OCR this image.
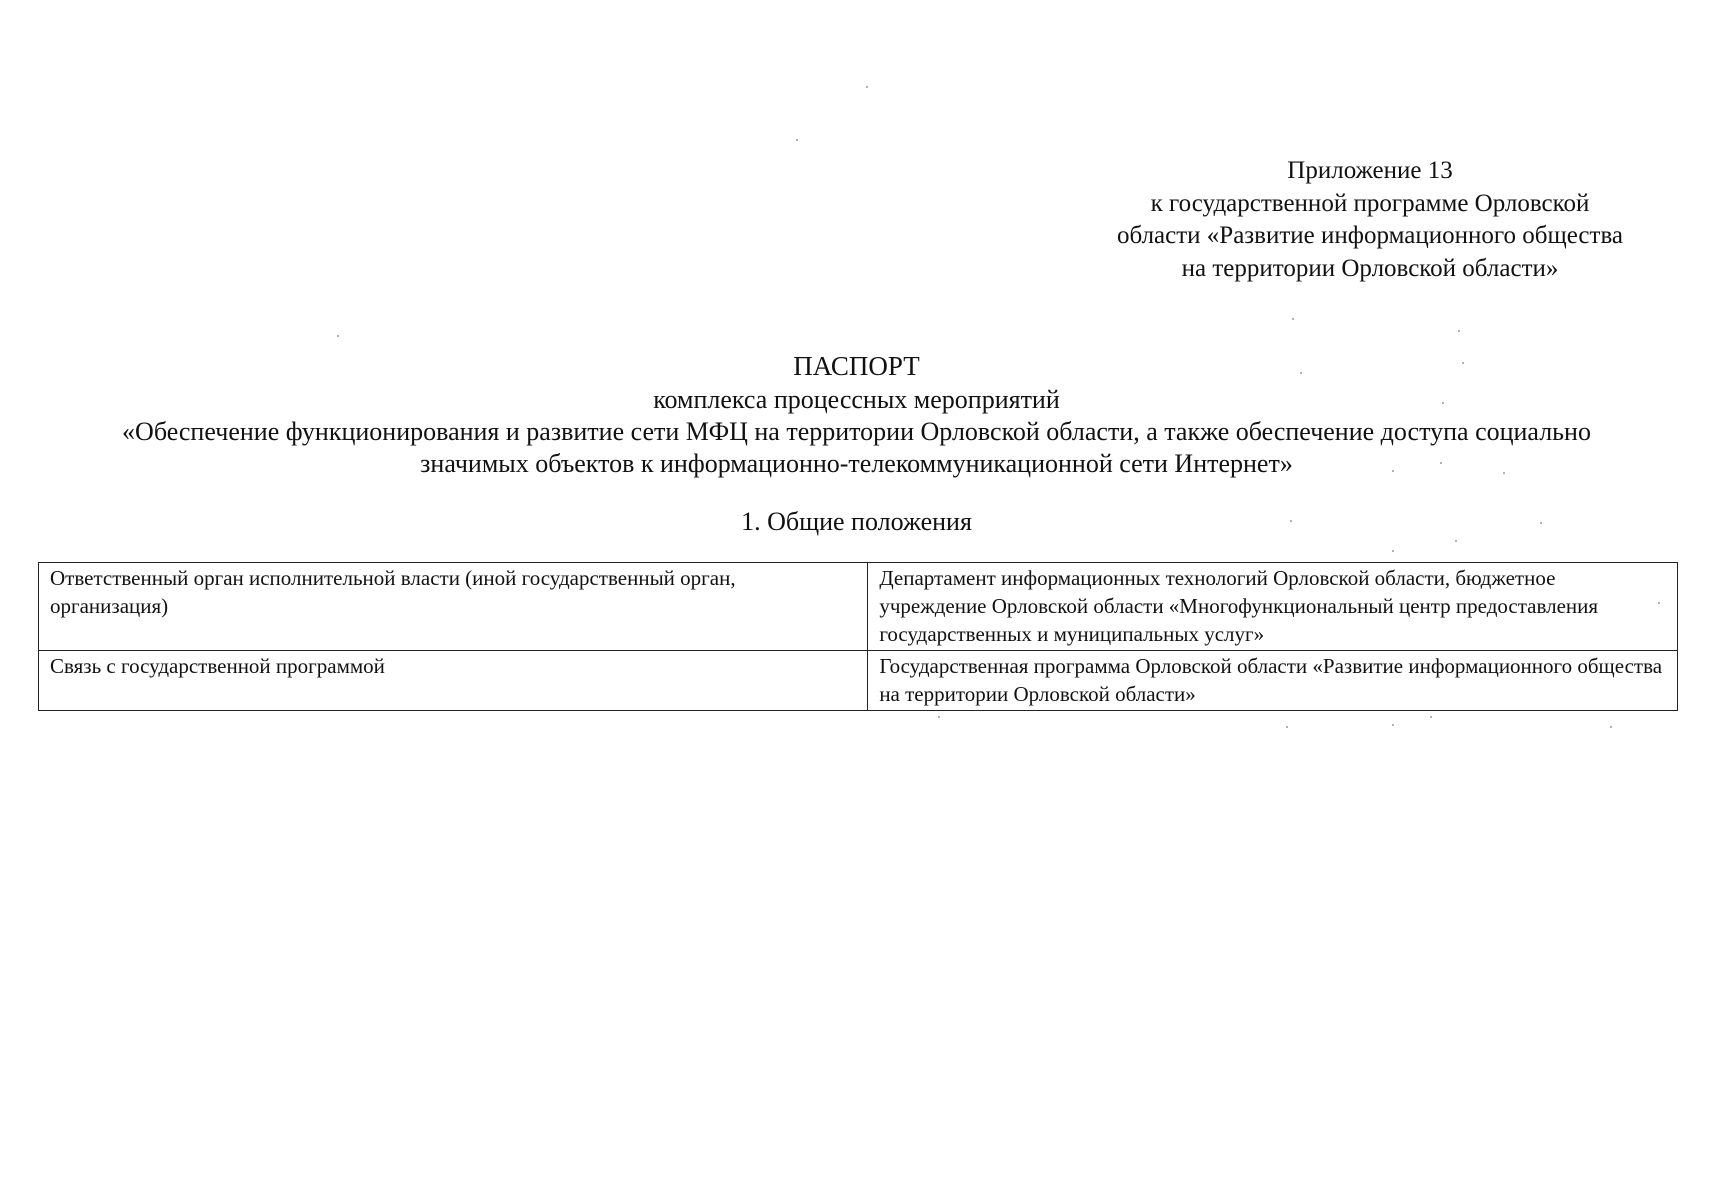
Приложение 13
к государственной программе Орловской
области «Развитие информационного общества
на территории Орловской области»
ПАСПОРТ
комплекса процессных мероприятий
«Обеспечение функционирования и развитие сети МФЦ на территории Орловской области, а также обеспечение доступа социально
значимых объектов к информационно-телекоммуникационной сети Интернет»
1. Общие положения
Ответственный орган исполнительной власти (иной государственный орган, организация)	Департамент информационных технологий Орловской области, бюджетное учреждение Орловской области «Многофункциональный центр предоставления государственных и муниципальных услуг»
Связь с государственной программой	Государственная программа Орловской области «Развитие информационного общества на территории Орловской области»
